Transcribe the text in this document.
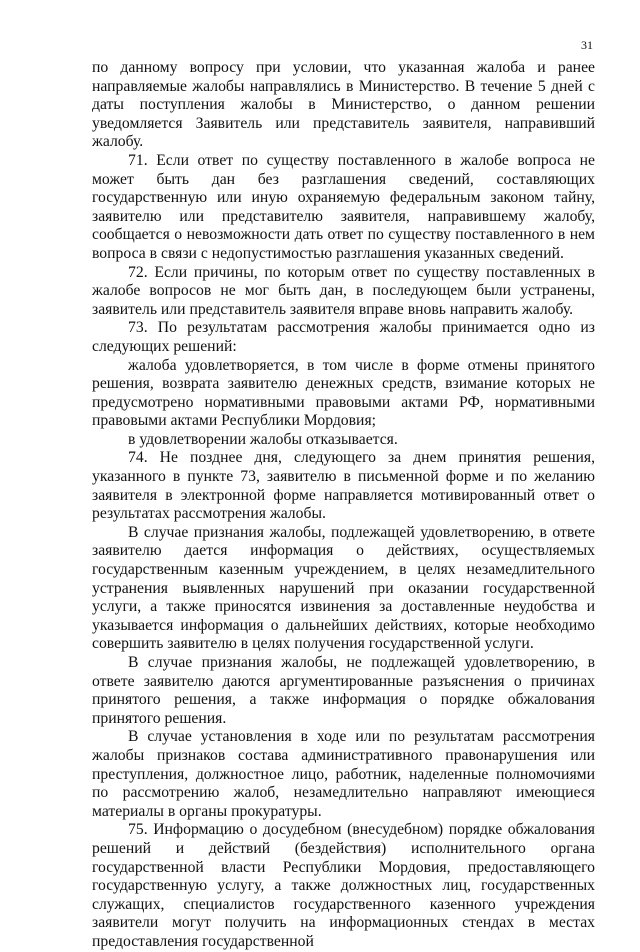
31

по данному вопросу при условии, что указанная жалоба и ранее направляемые жалобы направлялись в Министерство. В течение 5 дней с даты поступления жалобы в Министерство, о данном решении уведомляется Заявитель или представитель заявителя, направивший жалобу.

71. Если ответ по существу поставленного в жалобе вопроса не может быть дан без разглашения сведений, составляющих государственную или иную охраняемую федеральным законом тайну, заявителю или представителю заявителя, направившему жалобу, сообщается о невозможности дать ответ по существу поставленного в нем вопроса в связи с недопустимостью разглашения указанных сведений.

72. Если причины, по которым ответ по существу поставленных в жалобе вопросов не мог быть дан, в последующем были устранены, заявитель или представитель заявителя вправе вновь направить жалобу.

73. По результатам рассмотрения жалобы принимается одно из следующих решений:

жалоба удовлетворяется, в том числе в форме отмены принятого решения, возврата заявителю денежных средств, взимание которых не предусмотрено нормативными правовыми актами РФ, нормативными правовыми актами Республики Мордовия;

в удовлетворении жалобы отказывается.

74. Не позднее дня, следующего за днем принятия решения, указанного в пункте 73, заявителю в письменной форме и по желанию заявителя в электронной форме направляется мотивированный ответ о результатах рассмотрения жалобы.

В случае признания жалобы, подлежащей удовлетворению, в ответе заявителю дается информация о действиях, осуществляемых государственным казенным учреждением, в целях незамедлительного устранения выявленных нарушений при оказании государственной услуги, а также приносятся извинения за доставленные неудобства и указывается информация о дальнейших действиях, которые необходимо совершить заявителю в целях получения государственной услуги.

В случае признания жалобы, не подлежащей удовлетворению, в ответе заявителю даются аргументированные разъяснения о причинах принятого решения, а также информация о порядке обжалования принятого решения.

В случае установления в ходе или по результатам рассмотрения жалобы признаков состава административного правонарушения или преступления, должностное лицо, работник, наделенные полномочиями по рассмотрению жалоб, незамедлительно направляют имеющиеся материалы в органы прокуратуры.

75. Информацию о досудебном (внесудебном) порядке обжалования решений и действий (бездействия) исполнительного органа государственной власти Республики Мордовия, предоставляющего государственную услугу, а также должностных лиц, государственных служащих, специалистов государственного казенного учреждения заявители могут получить на информационных стендах в местах предоставления государственной
